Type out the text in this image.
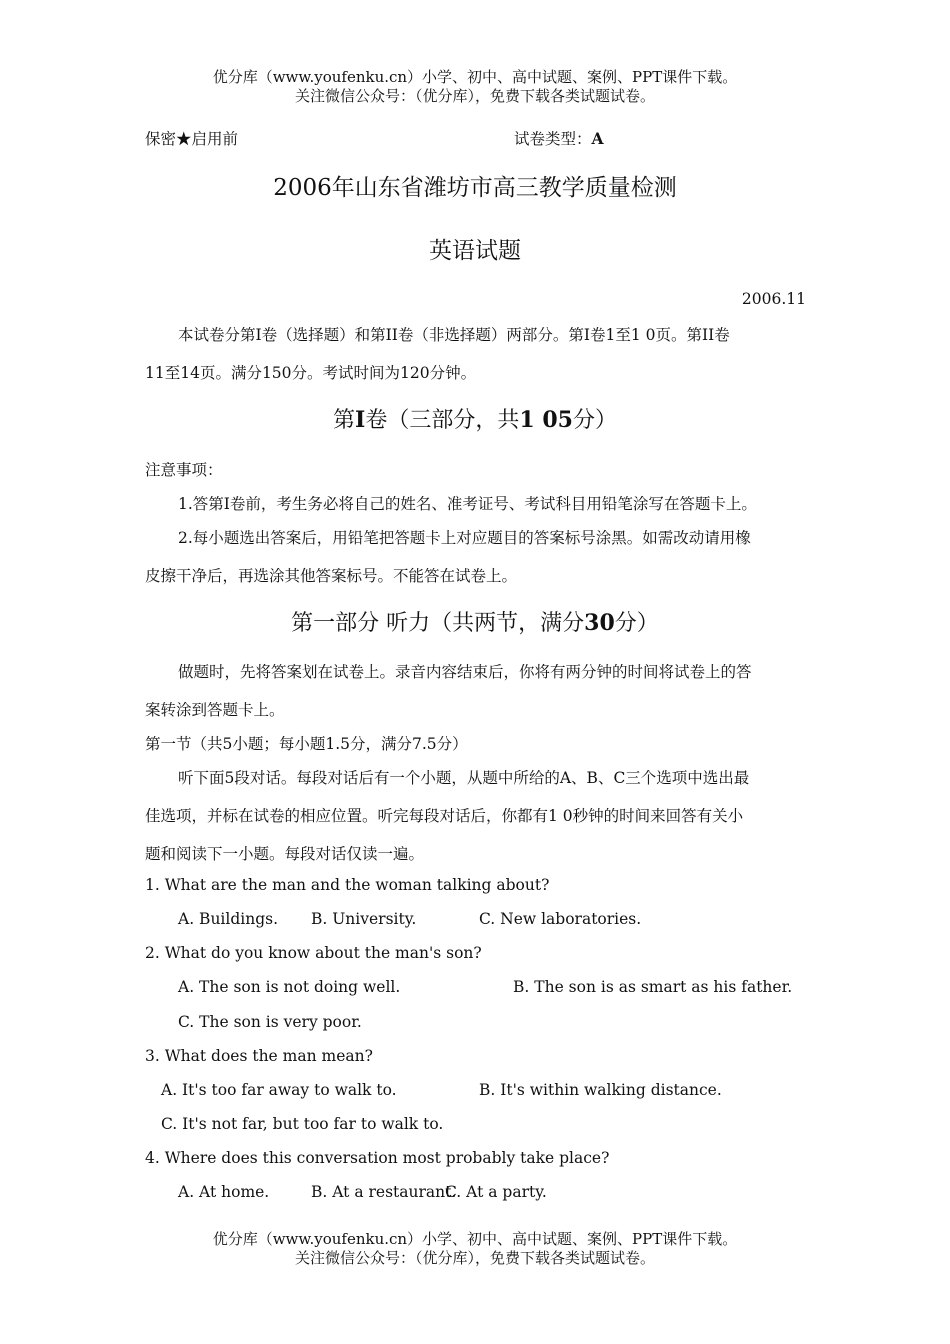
优分库（www.youfenku.cn）小学、初中、高中试题、案例、PPT课件下载。
关注微信公众号：（优分库），免费下载各类试题试卷。
保密★启用前	试卷类型：A
2006年山东省潍坊市高三教学质量检测
英语试题
2006.11
本试卷分第I卷（选择题）和第II卷（非选择题）两部分。第I卷1至1 0页。第II卷
11至14页。满分150分。考试时间为120分钟。
第I卷（三部分，共1 05分）
注意事项：
1.答第I卷前，考生务必将自己的姓名、准考证号、考试科目用铅笔涂写在答题卡上。
2.每小题选出答案后，用铅笔把答题卡上对应题目的答案标号涂黑。如需改动请用橡
皮擦干净后，再选涂其他答案标号。不能答在试卷上。
第一部分 听力（共两节，满分30分）
做题时，先将答案划在试卷上。录音内容结束后，你将有两分钟的时间将试卷上的答
案转涂到答题卡上。
第一节（共5小题；每小题1.5分，满分7.5分）
听下面5段对话。每段对话后有一个小题，从题中所给的A、B、C三个选项中选出最
佳选项，并标在试卷的相应位置。听完每段对话后，你都有1 0秒钟的时间来回答有关小
题和阅读下一小题。每段对话仅读一遍。
1. What are the man and the woman talking about?
A. Buildings. B. University.	C. New laboratories.
2. What do you know about the man's son?
A. The son is not doing well.	B. The son is as smart as his father.
C. The son is very poor.
3. What does the man mean?
A. It's too far away to walk to.	B. It's within walking distance.
C. It's not far, but too far to walk to.
4. Where does this conversation most probably take place?
A. At home.	B. At a restaurant.
C. At a party.
优分库（www.youfenku.cn）小学、初中、高中试题、案例、PPT课件下载。
关注微信公众号：（优分库），免费下载各类试题试卷。
